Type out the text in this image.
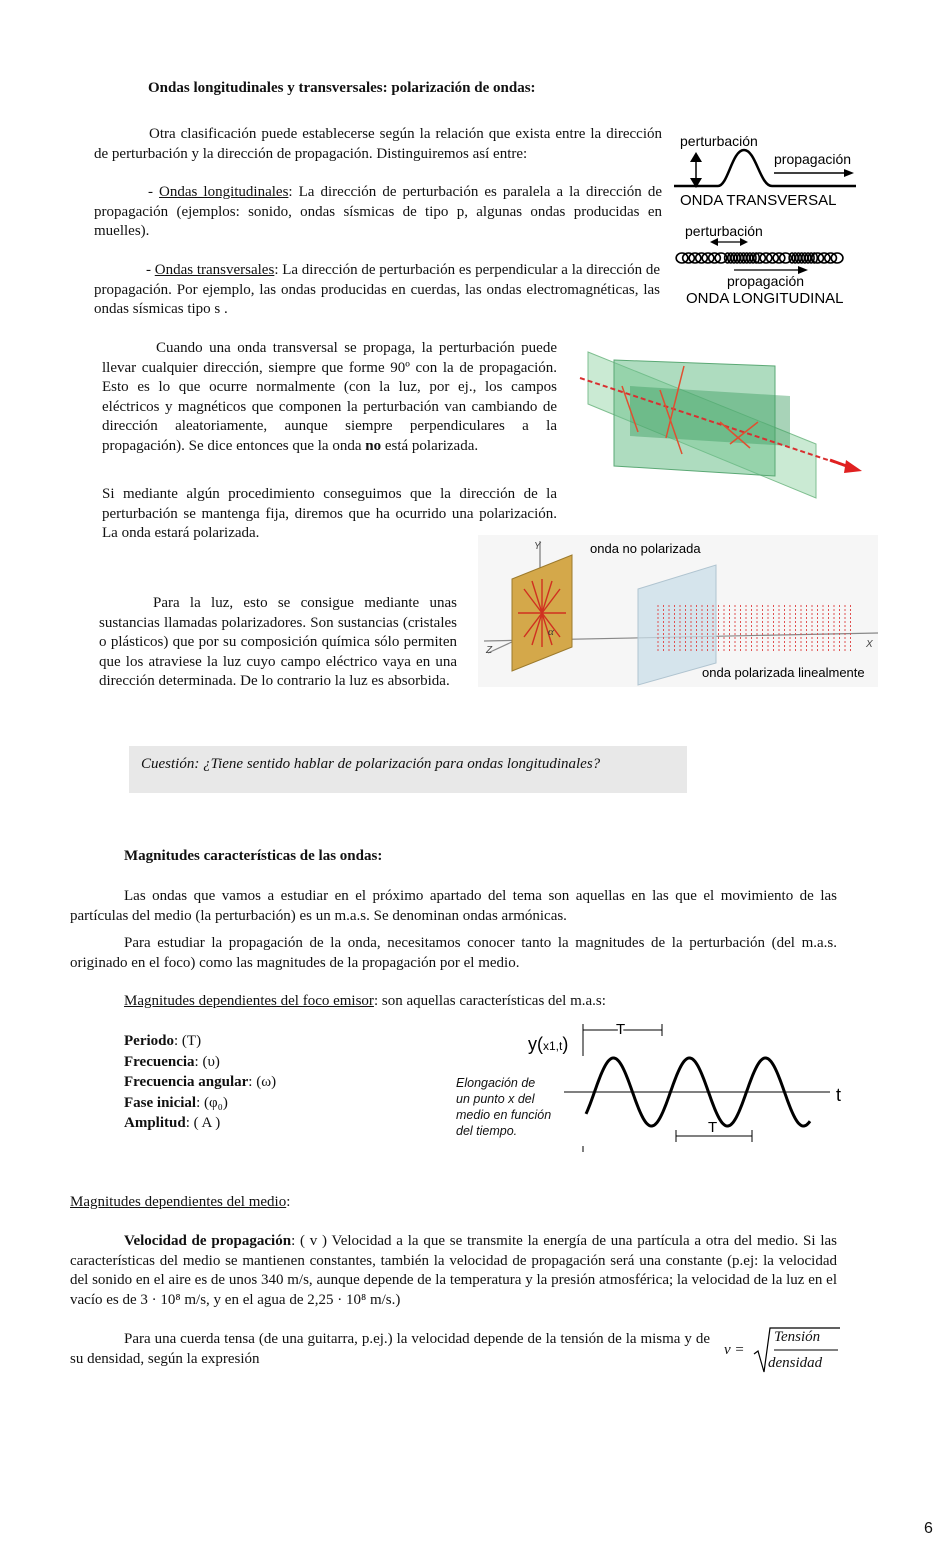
Ondas longitudinales y transversales: polarización de ondas:
Otra clasificación puede establecerse según la relación que exista entre la dirección de perturbación y la dirección de propagación. Distinguiremos así entre:
- Ondas longitudinales: La dirección de perturbación es paralela a la dirección de propagación (ejemplos: sonido, ondas sísmicas de tipo p, algunas ondas producidas en muelles).
- Ondas transversales: La dirección de perturbación es perpendicular a la dirección de propagación. Por ejemplo, las ondas producidas en cuerdas, las ondas electromagnéticas, las ondas sísmicas tipo s .
perturbación
propagación
ONDA TRANSVERSAL
perturbación
propagación
ONDA LONGITUDINAL
Cuando una onda transversal se propaga, la perturbación puede llevar cualquier dirección, siempre que forme 90º con la de propagación. Esto es lo que ocurre normalmente (con la luz, por ej., los campos eléctricos y magnéticos que componen la perturbación van cambiando de dirección aleatoriamente, aunque siempre perpendiculares a la propagación). Se dice entonces que la onda no está polarizada.
Si mediante algún procedimiento conseguimos que la dirección de la perturbación se mantenga fija, diremos que ha ocurrido una polarización. La onda estará polarizada.
Y
X
Z
α
onda no polarizada
onda polarizada linealmente
Para la luz, esto se consigue mediante unas sustancias llamadas polarizadores. Son sustancias (cristales o plásticos) que por su composición química sólo permiten que los atraviese la luz cuyo campo eléctrico vaya en una dirección determinada. De lo contrario la luz es absorbida.
Cuestión: ¿Tiene sentido hablar de polarización para ondas longitudinales?
Magnitudes características de las ondas:
Las ondas que vamos a estudiar en el próximo apartado del tema son aquellas en las que el movimiento de las partículas del medio (la perturbación) es un m.a.s. Se denominan ondas armónicas.
Para estudiar la propagación de la onda, necesitamos conocer tanto la magnitudes de la perturbación (del m.a.s. originado en el foco) como las magnitudes de la propagación por el medio.
Magnitudes dependientes del foco emisor: son aquellas características del m.a.s:
Periodo: (T)
Frecuencia: (υ)
Frecuencia angular: (ω)
Fase inicial: (φ₀)
Amplitud: ( A )
y(x1,t)
T
t
T
Elongación de un punto x del medio en función del tiempo.
Magnitudes dependientes del medio:
Velocidad de propagación: ( v ) Velocidad a la que se transmite la energía de una partícula a otra del medio. Si las características del medio se mantienen constantes, también la velocidad de propagación será una constante (p.ej: la velocidad del sonido en el aire es de unos 340 m/s, aunque depende de la temperatura y la presión atmosférica; la velocidad de la luz en el vacío es de 3 · 10⁸ m/s, y en el agua de 2,25 · 10⁸ m/s.)
Para una cuerda tensa (de una guitarra, p.ej.) la velocidad depende de la tensión de la misma y de su densidad, según la expresión
v =
Tensión
densidad
6
